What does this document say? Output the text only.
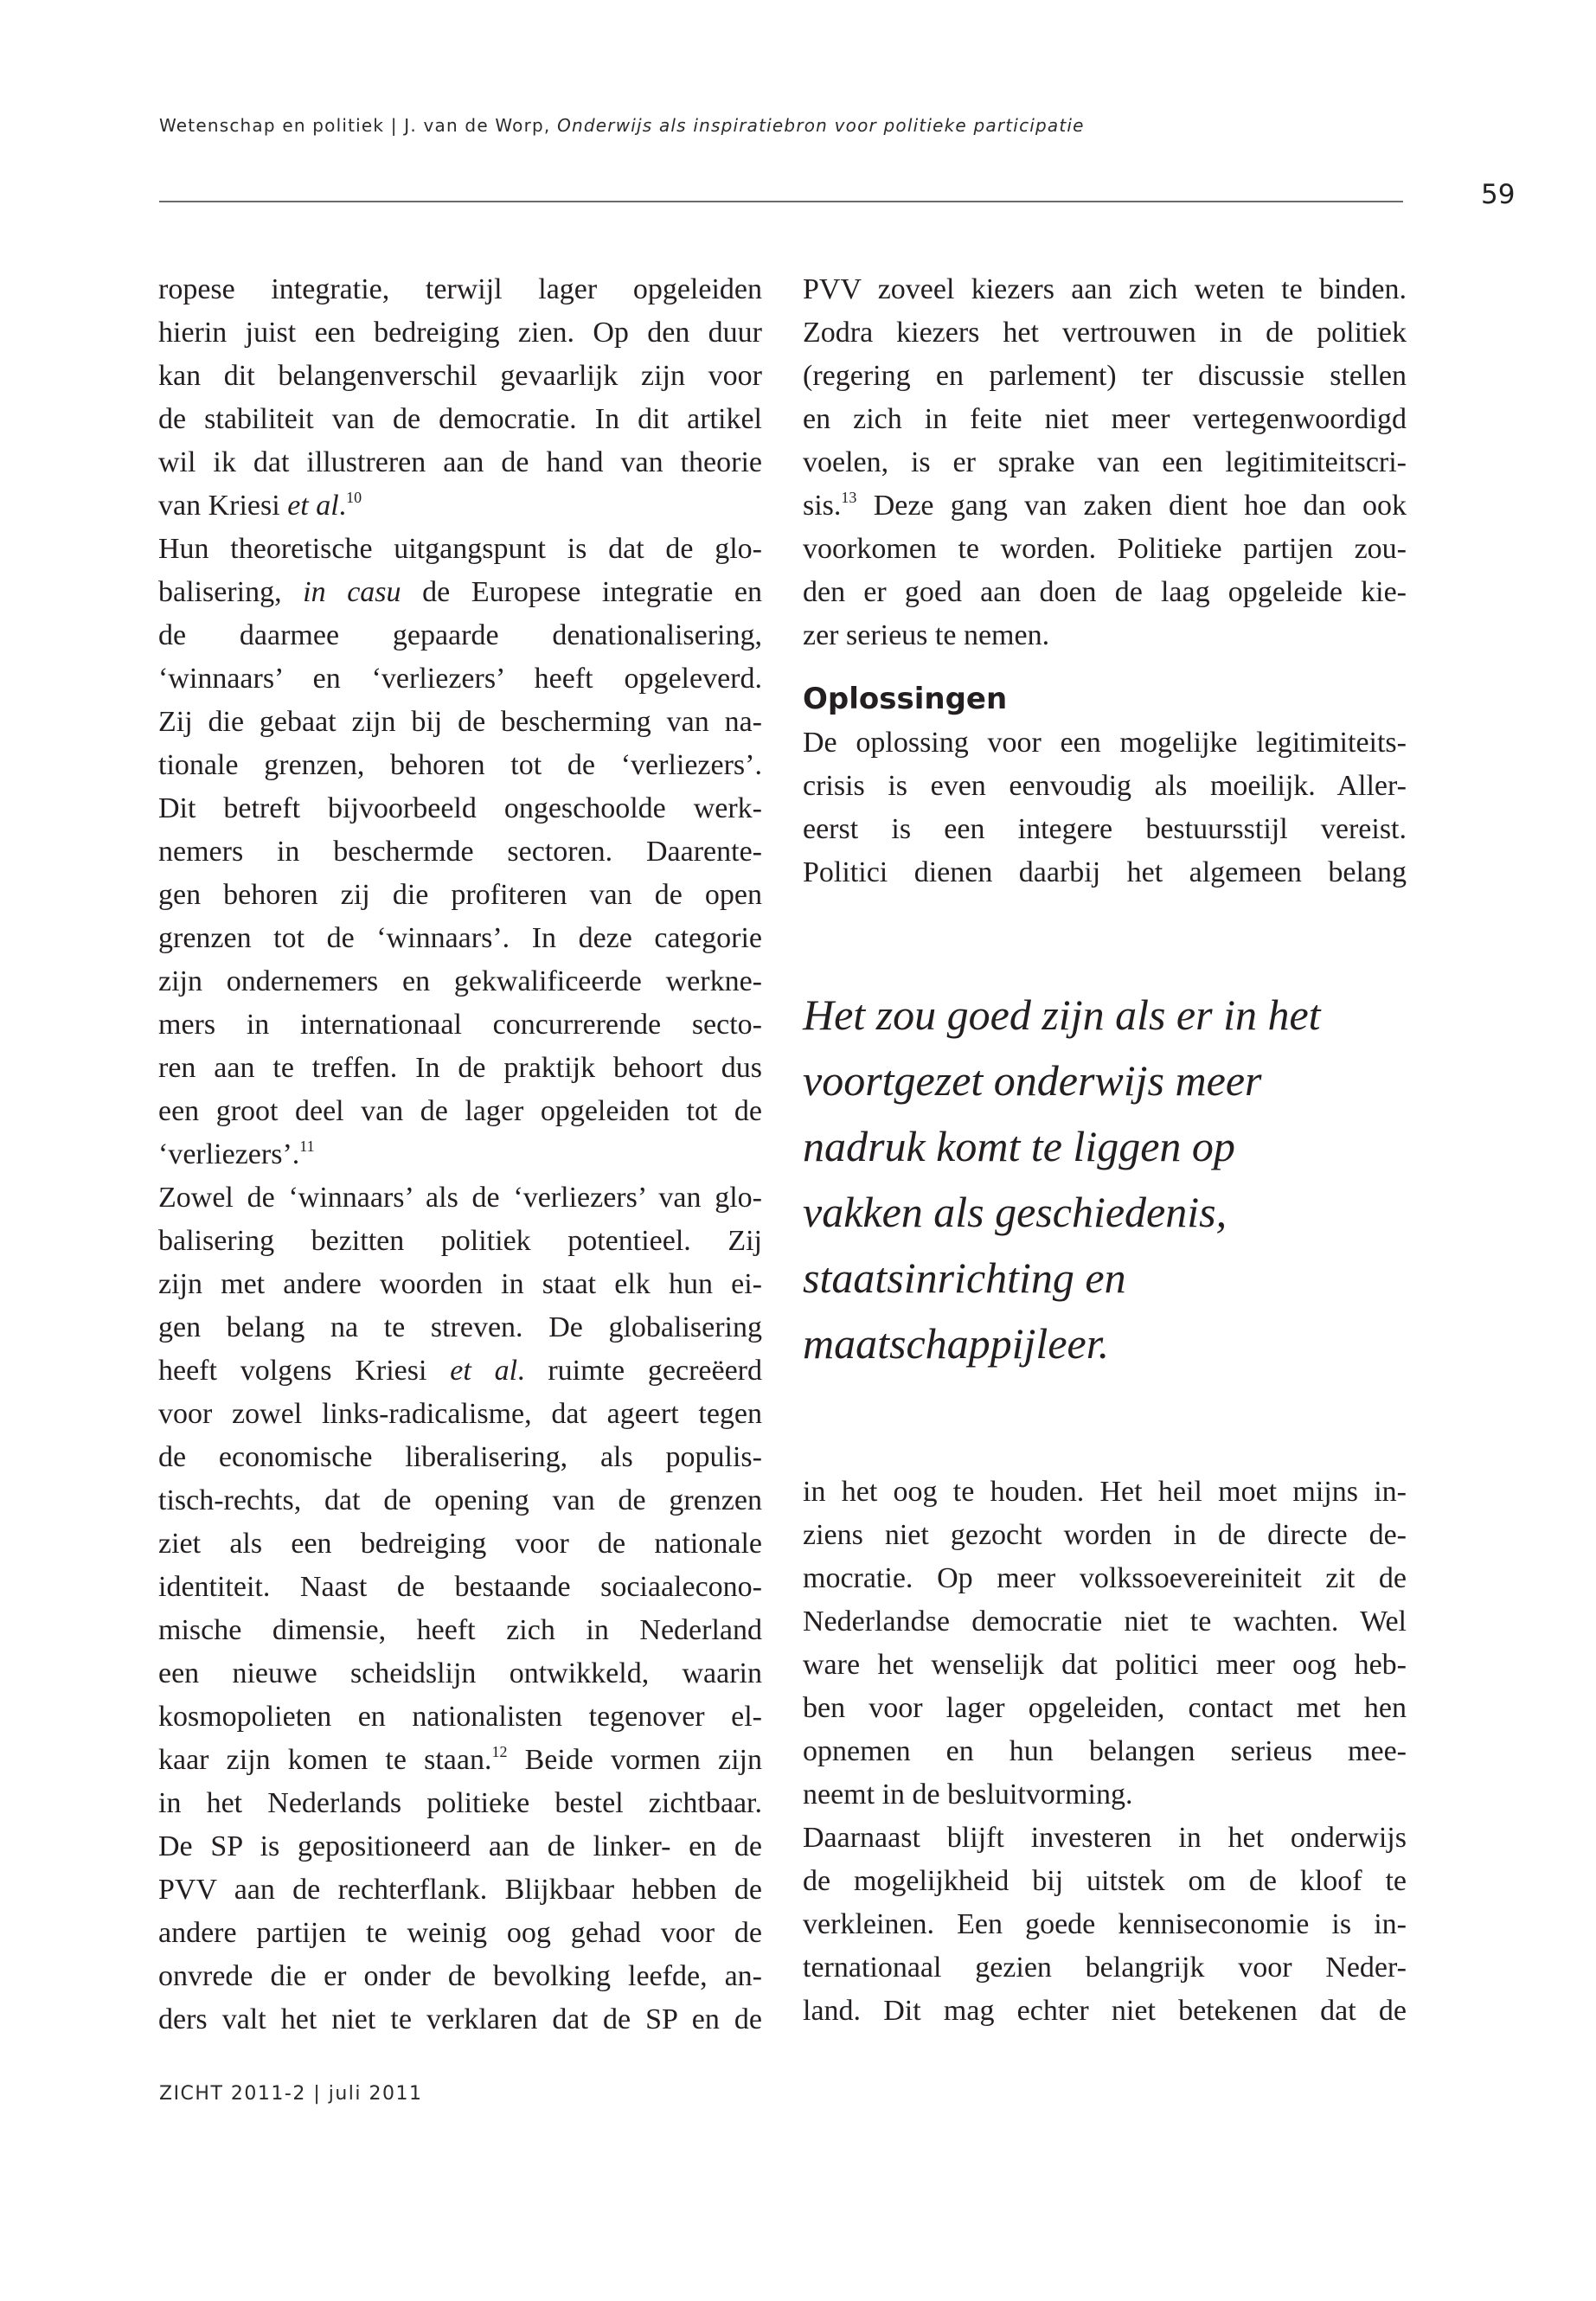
Wetenschap en politiek | J. van de Worp, Onderwijs als inspiratiebron voor politieke participatie
59
ropese integratie, terwijl lager opgeleiden
hierin juist een bedreiging zien. Op den duur
kan dit belangenverschil gevaarlijk zijn voor
de stabiliteit van de democratie. In dit artikel
wil ik dat illustreren aan de hand van theorie
van Kriesi et al.$^{10}$
Hun theoretische uitgangspunt is dat de glo-
balisering, in casu de Europese integratie en
de daarmee gepaarde denationalisering,
‘winnaars’ en ‘verliezers’ heeft opgeleverd.
Zij die gebaat zijn bij de bescherming van na-
tionale grenzen, behoren tot de ‘verliezers’.
Dit betreft bijvoorbeeld ongeschoolde werk-
nemers in beschermde sectoren. Daarente-
gen behoren zij die profiteren van de open
grenzen tot de ‘winnaars’. In deze categorie
zijn ondernemers en gekwalificeerde werkne-
mers in internationaal concurrerende secto-
ren aan te treffen. In de praktijk behoort dus
een groot deel van de lager opgeleiden tot de
‘verliezers’.$^{11}$
Zowel de ‘winnaars’ als de ‘verliezers’ van glo-
balisering bezitten politiek potentieel. Zij
zijn met andere woorden in staat elk hun ei-
gen belang na te streven. De globalisering
heeft volgens Kriesi et al. ruimte gecreëerd
voor zowel links-radicalisme, dat ageert tegen
de economische liberalisering, als populis-
tisch-rechts, dat de opening van de grenzen
ziet als een bedreiging voor de nationale
identiteit. Naast de bestaande sociaaleconо-
mische dimensie, heeft zich in Nederland
een nieuwe scheidslijn ontwikkeld, waarin
kosmopolieten en nationalisten tegenover el-
kaar zijn komen te staan.$^{12}$ Beide vormen zijn
in het Nederlands politieke bestel zichtbaar.
De SP is gepositioneerd aan de linker- en de
PVV aan de rechterflank. Blijkbaar hebben de
andere partijen te weinig oog gehad voor de
onvrede die er onder de bevolking leefde, an-
ders valt het niet te verklaren dat de SP en de
PVV zoveel kiezers aan zich weten te binden.
Zodra kiezers het vertrouwen in de politiek
(regering en parlement) ter discussie stellen
en zich in feite niet meer vertegenwoordigd
voelen, is er sprake van een legitimiteitscri-
sis.$^{13}$ Deze gang van zaken dient hoe dan ook
voorkomen te worden. Politieke partijen zou-
den er goed aan doen de laag opgeleide kie-
zer serieus te nemen.
Oplossingen
De oplossing voor een mogelijke legitimiteits-
crisis is even eenvoudig als moeilijk. Aller-
eerst is een integere bestuursstijl vereist.
Politici dienen daarbij het algemeen belang
Het zou goed zijn als er in het
voortgezet onderwijs meer
nadruk komt te liggen op
vakken als geschiedenis,
staatsinrichting en
maatschappijleer.
in het oog te houden. Het heil moet mijns in-
ziens niet gezocht worden in de directe de-
mocratie. Op meer volkssoevereiniteit zit de
Nederlandse democratie niet te wachten. Wel
ware het wenselijk dat politici meer oog heb-
ben voor lager opgeleiden, contact met hen
opnemen en hun belangen serieus mee-
neemt in de besluitvorming.
Daarnaast blijft investeren in het onderwijs
de mogelijkheid bij uitstek om de kloof te
verkleinen. Een goede kenniseconomie is in-
ternationaal gezien belangrijk voor Neder-
land. Dit mag echter niet betekenen dat de
ZICHT 2011-2 | juli 2011
